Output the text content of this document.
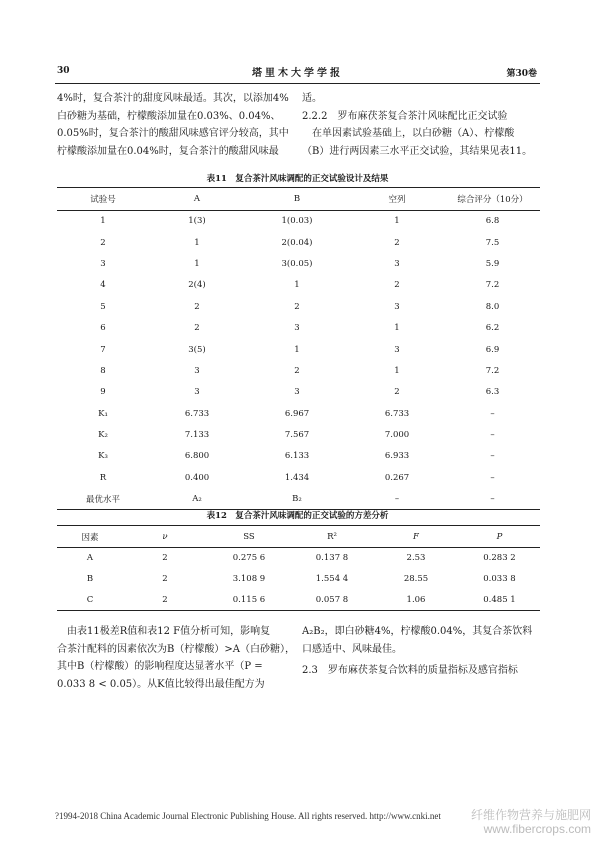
30	塔里木大学学报	第30卷

4%时，复合茶汁的甜度风味最适。其次，以添加4%

白砂糖为基础，柠檬酸添加量在0.03%、0.04%、

0.05%时，复合茶汁的酸甜风味感官评分较高，其中

柠檬酸添加量在0.04%时，复合茶汁的酸甜风味最

适。

2.2.2　罗布麻茯茶复合茶汁风味配比正交试验

　在单因素试验基础上，以白砂糖（A）、柠檬酸

（B）进行两因素三水平正交试验，其结果见表11。

表11　复合茶汁风味调配的正交试验设计及结果
试验号	A	B	空列	综合评分（10分）
1	1(3)	1(0.03)	1	6.8
2	1	2(0.04)	2	7.5
3	1	3(0.05)	3	5.9
4	2(4)	1	2	7.2
5	2	2	3	8.0
6	2	3	1	6.2
7	3(5)	1	3	6.9
8	3	2	1	7.2
9	3	3	2	6.3
K₁	6.733	6.967	6.733	–
K₂	7.133	7.567	7.000	–
K₃	6.800	6.133	6.933	–
R	0.400	1.434	0.267	–
最优水平	A₂	B₂	–	–
表12　复合茶汁风味调配的正交试验的方差分析
因素	ν	SS	R²	F	P
A	2	0.275 6	0.137 8	2.53	0.283 2
B	2	3.108 9	1.554 4	28.55	0.033 8
C	2	0.115 6	0.057 8	1.06	0.485 1

　由表11极差R值和表12 F值分析可知，影响复

合茶汁配料的因素依次为B（柠檬酸）>A（白砂糖），

其中B（柠檬酸）的影响程度达显著水平（P =

0.033 8 < 0.05）。从K值比较得出最佳配方为

A₂B₂，即白砂糖4%，柠檬酸0.04%，其复合茶饮料

口感适中、风味最佳。

2.3　罗布麻茯茶复合饮料的质量指标及感官指标

?1994-2018 China Academic Journal Electronic Publishing House. All rights reserved. http://www.cnki.net	纤维作物营养与施肥网
www.fibercrops.com
